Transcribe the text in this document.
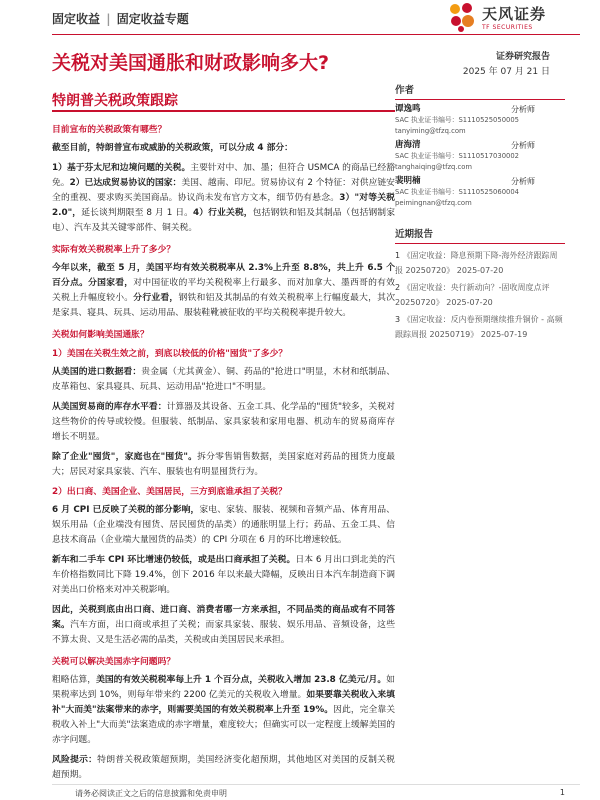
固定收益 | 固定收益专题	天风证券
TF SECURITIES
关税对美国通胀和财政影响多大?	证券研究报告
2025 年 07 月 21 日
特朗普关税政策跟踪
目前宣布的关税政策有哪些？
截至目前，特朗普宣布或威胁的关税政策，可以分成 4 部分：
1）基于芬太尼和边境问题的关税。主要针对中、加、墨；但符合 USMCA 的商品已经豁免。2）已达成贸易协议的国家：美国、越南、印尼。贸易协议有 2 个特征：对供应链安全的重视、要求购买美国商品。协议尚未发布官方文本，细节仍有悬念。3）"对等关税 2.0"，延长谈判期限至 8 月 1 日。4）行业关税，包括钢铁和铝及其制品（包括钢制家电）、汽车及其关键零部件、铜关税。
实际有效关税税率上升了多少？
今年以来，截至 5 月，美国平均有效关税税率从 2.3%上升至 8.8%，共上升 6.5 个百分点。分国家看，对中国征收的平均关税税率上行最多、而对加拿大、墨西哥的有效关税上升幅度较小。分行业看，钢铁和铝及其制品的有效关税税率上行幅度最大，其次是家具、寝具、玩具、运动用品、服装鞋靴被征收的平均关税税率提升较大。
关税如何影响美国通胀？
1）美国在关税生效之前，到底以较低的价格"囤货"了多少？
从美国的进口数据看：贵金属（尤其黄金）、铜、药品的"抢进口"明显，木材和纸制品、皮革箱包、家具寝具、玩具、运动用品"抢进口"不明显。
从美国贸易商的库存水平看：计算器及其设备、五金工具、化学品的"囤货"较多，关税对这些物价的传导或较慢。但服装、纸制品、家具家装和家用电器、机动车的贸易商库存增长不明显。
除了企业"囤货"，家庭也在"囤货"。拆分零售销售数据，美国家庭对药品的囤货力度最大；居民对家具家装、汽车、服装也有明显囤货行为。
2）出口商、美国企业、美国居民，三方到底谁承担了关税？
6 月 CPI 已反映了关税的部分影响，家电、家装、服装、视频和音频产品、体育用品、娱乐用品（企业端没有囤货、居民囤货的品类）的通胀明显上行；药品、五金工具、信息技术商品（企业端大量囤货的品类）的 CPI 分项在 6 月的环比增速较低。
新车和二手车 CPI 环比增速仍较低，或是出口商承担了关税。日本 6 月出口到北美的汽车价格指数同比下降 19.4%，创下 2016 年以来最大降幅，反映出日本汽车制造商下调对美出口价格来对冲关税影响。
因此，关税到底由出口商、进口商、消费者哪一方来承担，不同品类的商品或有不同答案。汽车方面，出口商或承担了关税；而家具家装、服装、娱乐用品、音频设备，这些不算太贵、又是生活必需的品类，关税或由美国居民来承担。
关税可以解决美国赤字问题吗？
粗略估算，美国的有效关税税率每上升 1 个百分点，关税收入增加 23.8 亿美元/月。如果税率达到 10%，则每年带来约 2200 亿美元的关税收入增量。如果要靠关税收入来填补"大而美"法案带来的赤字，则需要美国的有效关税税率上升至 19%。因此，完全靠关税收入补上"大而美"法案造成的赤字增量，难度较大；但确实可以一定程度上缓解美国的赤字问题。
风险提示：特朗普关税政策超预期，美国经济变化超预期，其他地区对美国的反制关税超预期。
作者
谭逸鸣	分析师
SAC 执业证书编号：S1110525050005
tanyiming@tfzq.com
唐海清	分析师
SAC 执业证书编号：S1110517030002
tanghaiqing@tfzq.com
裴明楠	分析师
SAC 执业证书编号：S1110525060004
peimingnan@tfzq.com
近期报告
1 《固定收益：降息预期下降-海外经济跟踪周报 20250720》 2025-07-20
2 《固定收益：央行新动向？-固收周度点评 20250720》 2025-07-20
3 《固定收益：反内卷预期继续推升铜价 - 高频跟踪周报 20250719》 2025-07-19
请务必阅读正文之后的信息披露和免责申明	1
